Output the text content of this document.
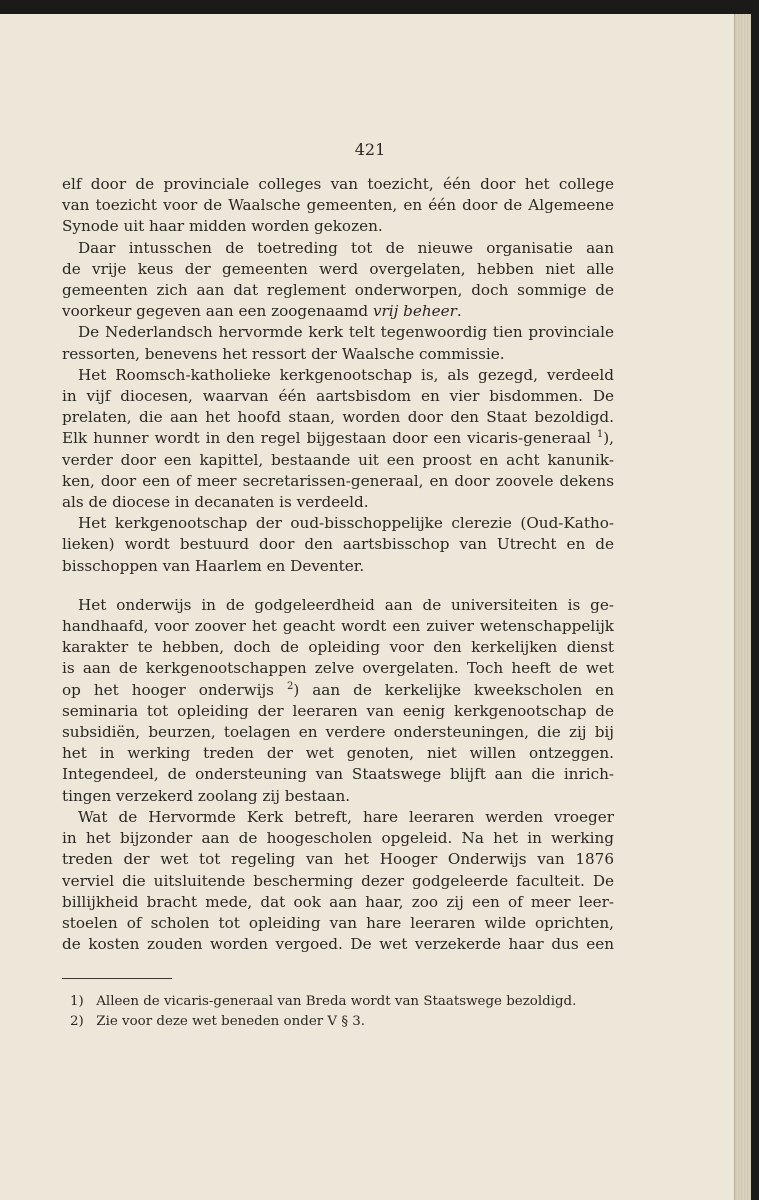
421

elf door de provinciale colleges van toezicht, één door het college
van toezicht voor de Waalsche gemeenten, en één door de Algemeene
Synode uit haar midden worden gekozen.

Daar intusschen de toetreding tot de nieuwe organisatie aan
de vrije keus der gemeenten werd overgelaten, hebben niet alle
gemeenten zich aan dat reglement onderworpen, doch sommige de
voorkeur gegeven aan een zoogenaamd vrij beheer.

De Nederlandsch hervormde kerk telt tegenwoordig tien provinciale
ressorten, benevens het ressort der Waalsche commissie.

Het Roomsch-katholieke kerkgenootschap is, als gezegd, verdeeld
in vijf diocesen, waarvan één aartsbisdom en vier bisdommen. De
prelaten, die aan het hoofd staan, worden door den Staat bezoldigd.
Elk hunner wordt in den regel bijgestaan door een vicaris-generaal $^1$),
verder door een kapittel, bestaande uit een proost en acht kanunik-
ken, door een of meer secretarissen-generaal, en door zoovele dekens
als de diocese in decanaten is verdeeld.

Het kerkgenootschap der oud-bisschoppelijke clerezie (Oud-Katho-
lieken) wordt bestuurd door den aartsbisschop van Utrecht en de
bisschoppen van Haarlem en Deventer.

Het onderwijs in de godgeleerdheid aan de universiteiten is ge-
handhaafd, voor zoover het geacht wordt een zuiver wetenschappelijk
karakter te hebben, doch de opleiding voor den kerkelijken dienst
is aan de kerkgenootschappen zelve overgelaten. Toch heeft de wet
op het hooger onderwijs $^2$) aan de kerkelijke kweekscholen en
seminaria tot opleiding der leeraren van eenig kerkgenootschap de
subsidiën, beurzen, toelagen en verdere ondersteuningen, die zij bij
het in werking treden der wet genoten, niet willen ontzeggen.
Integendeel, de ondersteuning van Staatswege blijft aan die inrich-
tingen verzekerd zoolang zij bestaan.

Wat de Hervormde Kerk betreft, hare leeraren werden vroeger
in het bijzonder aan de hoogescholen opgeleid. Na het in werking
treden der wet tot regeling van het Hooger Onderwijs van 1876
verviel die uitsluitende bescherming dezer godgeleerde faculteit. De
billijkheid bracht mede, dat ook aan haar, zoo zij een of meer leer-
stoelen of scholen tot opleiding van hare leeraren wilde oprichten,
de kosten zouden worden vergoed. De wet verzekerde haar dus een

1) Alleen de vicaris-generaal van Breda wordt van Staatswege bezoldigd.
2) Zie voor deze wet beneden onder V § 3.
